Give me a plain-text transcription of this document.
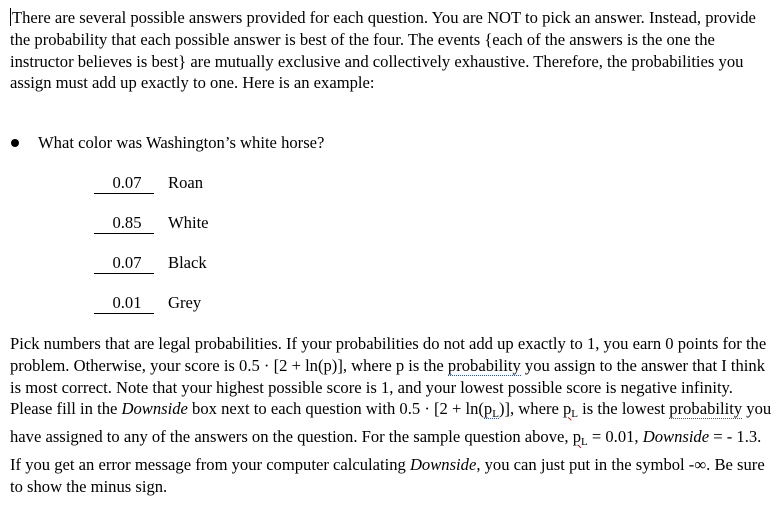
There are several possible answers provided for each question. You are NOT to pick an answer. Instead, provide the probability that each possible answer is best of the four. The events {each of the answers is the one the instructor believes is best} are mutually exclusive and collectively exhaustive. Therefore, the probabilities you assign must add up exactly to one. Here is an example:

What color was Washington’s white horse?
0.07 Roan
0.85 White
0.07 Black
0.01 Grey

Pick numbers that are legal probabilities. If your probabilities do not add up exactly to 1, you earn 0 points for the problem. Otherwise, your score is 0.5 · [2 + ln(p)], where p is the probability you assign to the answer that I think is most correct. Note that your highest possible score is 1, and your lowest possible score is negative infinity. Please fill in the Downside box next to each question with $0.5 \cdot [2 + \ln(p_L)]$, where $p_L$ is the lowest probability you have assigned to any of the answers on the question. For the sample question above, $p_L = 0.01$, Downside = - 1.3. If you get an error message from your computer calculating Downside, you can just put in the symbol -∞. Be sure to show the minus sign.
